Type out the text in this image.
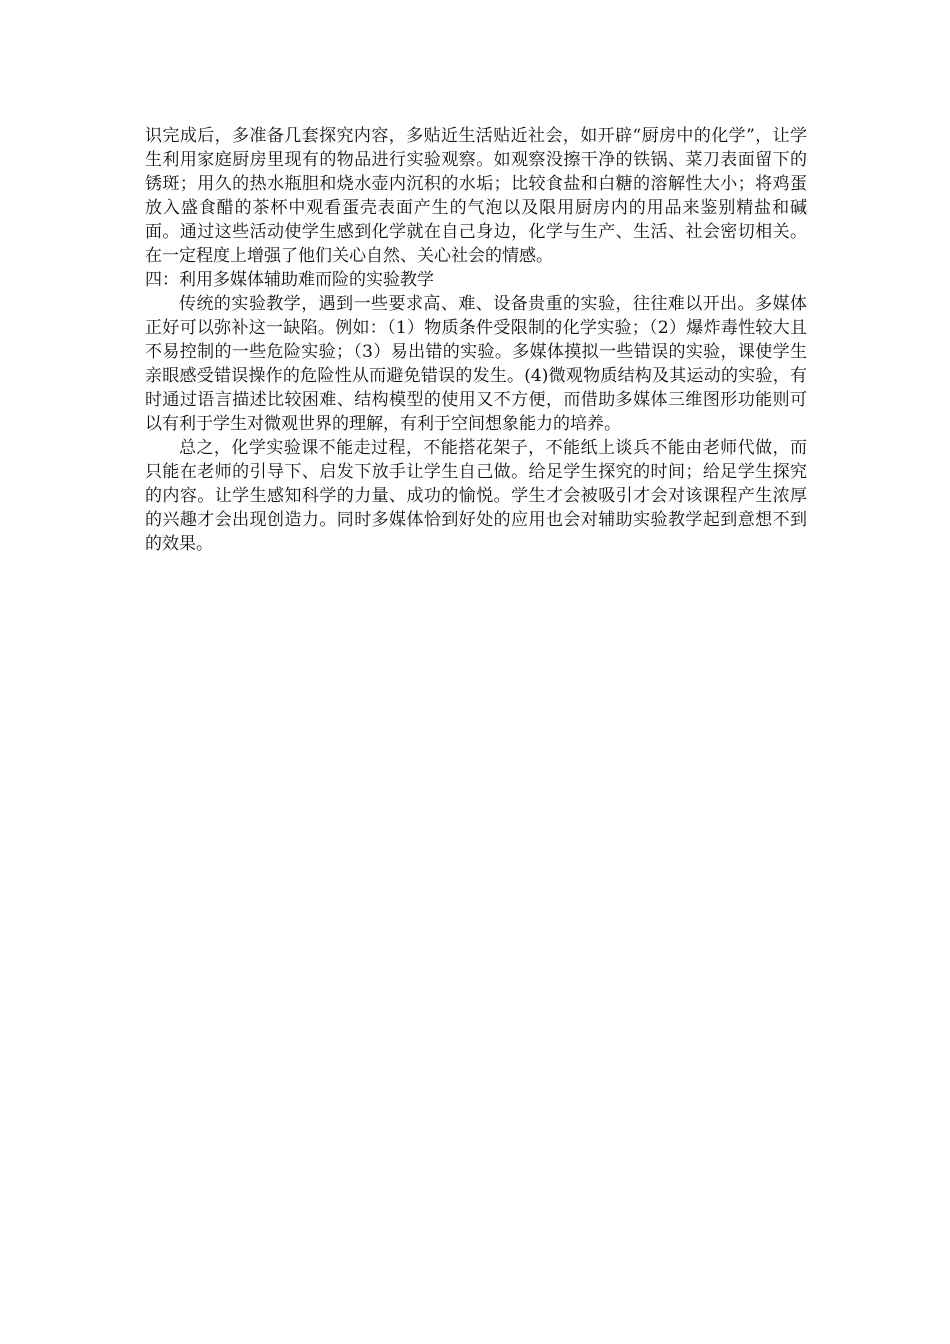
识完成后，多准备几套探究内容，多贴近生活贴近社会，如开辟“厨房中的化学”，让学生利用家庭厨房里现有的物品进行实验观察。如观察没擦干净的铁锅、菜刀表面留下的锈斑；用久的热水瓶胆和烧水壶内沉积的水垢；比较食盐和白糖的溶解性大小；将鸡蛋放入盛食醋的茶杯中观看蛋壳表面产生的气泡以及限用厨房内的用品来鉴别精盐和碱面。通过这些活动使学生感到化学就在自己身边，化学与生产、生活、社会密切相关。在一定程度上增强了他们关心自然、关心社会的情感。

四：利用多媒体辅助难而险的实验教学

传统的实验教学，遇到一些要求高、难、设备贵重的实验，往往难以开出。多媒体正好可以弥补这一缺陷。例如：（1）物质条件受限制的化学实验；（2）爆炸毒性较大且不易控制的一些危险实验；（3）易出错的实验。多媒体摸拟一些错误的实验，课使学生亲眼感受错误操作的危险性从而避免错误的发生。(4)微观物质结构及其运动的实验，有时通过语言描述比较困难、结构模型的使用又不方便，而借助多媒体三维图形功能则可以有利于学生对微观世界的理解，有利于空间想象能力的培养。

总之，化学实验课不能走过程，不能搭花架子，不能纸上谈兵不能由老师代做，而只能在老师的引导下、启发下放手让学生自己做。给足学生探究的时间；给足学生探究的内容。让学生感知科学的力量、成功的愉悦。学生才会被吸引才会对该课程产生浓厚的兴趣才会出现创造力。同时多媒体恰到好处的应用也会对辅助实验教学起到意想不到的效果。
